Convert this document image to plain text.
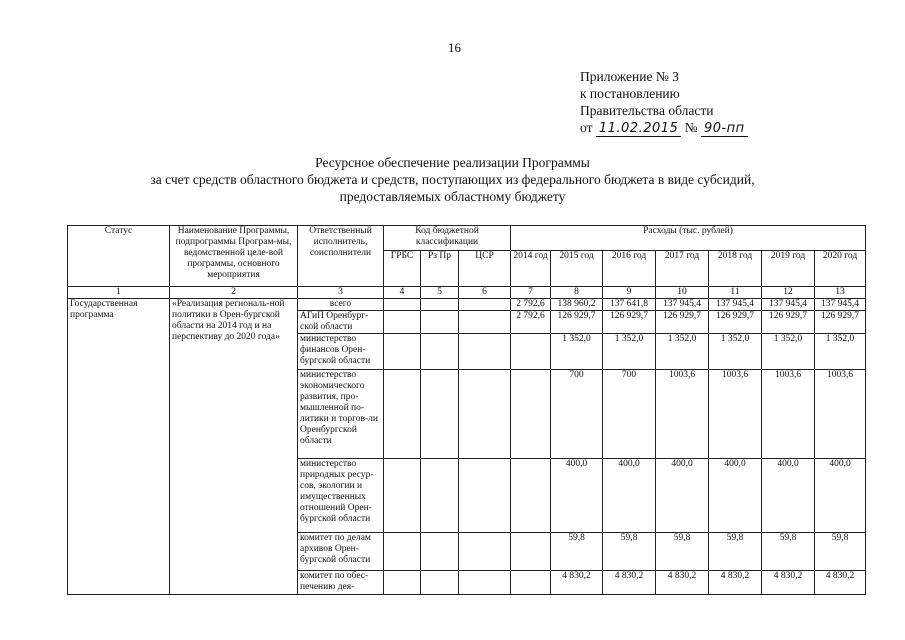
16
Приложение № 3
к постановлению
Правительства области
от 11.02.2015 № 90-пп
Ресурсное обеспечение реализации Программы
за счет средств областного бюджета и средств, поступающих из федерального бюджета в виде субсидий,
предоставляемых областному бюджету
Статус	Наименование Программы, подпрограммы Програм-мы, ведомственной целе-вой программы, основного мероприятия	Ответственный исполнитель, соисполнители	Код бюджетной классификации			Расходы (тыс. рублей)						
			ГРБС	Рз Пр	ЦСР	2014 год	2015 год	2016 год	2017 год	2018 год	2019 год	2020 год
1	2	3	4	5	6	7	8	9	10	11	12	13
Государственная программа	«Реализация региональ-ной политики в Орен-бургской области на 2014 год и на перспективу до 2020 года»	всего				2 792,6	138 960,2	137 641,8	137 945,4	137 945,4	137 945,4	137 945,4
		АГиП Оренбург-ской области				2 792,6	126 929,7	126 929,7	126 929,7	126 929,7	126 929,7	126 929,7
		министерство финансов Орен-бургской области					1 352,0	1 352,0	1 352,0	1 352,0	1 352,0	1 352,0
		министерство экономического развития, про-мышленной по-литики и торгов-ли Оренбургской области					700	700	1003,6	1003,6	1003,6	1003,6
		министерство природных ресур-сов, экологии и имущественных отношений Орен-бургской области					400,0	400,0	400,0	400,0	400,0	400,0
		комитет по делам архивов Орен-бургской области					59,8	59,8	59,8	59,8	59,8	59,8
		комитет по обес-печению дея-					4 830,2	4 830,2	4 830,2	4 830,2	4 830,2	4 830,2
